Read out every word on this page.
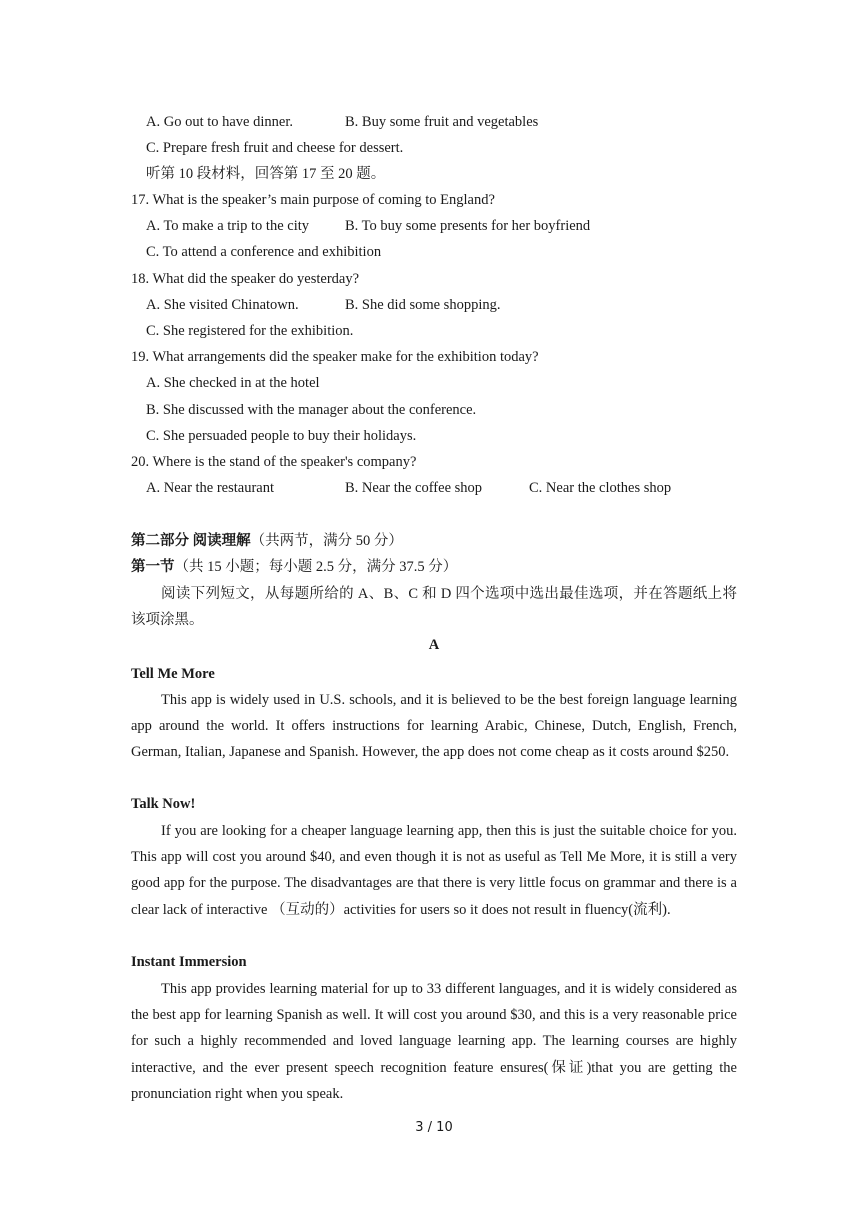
A. Go out to have dinner.	B. Buy some fruit and vegetables
C. Prepare fresh fruit and cheese for dessert.
听第 10 段材料，回答第 17 至 20 题。
17. What is the speaker’s main purpose of coming to England?
A. To make a trip to the city B. To buy some presents for her boyfriend
C. To attend a conference and exhibition
18. What did the speaker do yesterday?
A. She visited Chinatown.	B. She did some shopping.
C. She registered for the exhibition.
19. What arrangements did the speaker make for the exhibition today?
A. She checked in at the hotel
B. She discussed with the manager about the conference.
C. She persuaded people to buy their holidays.
20. Where is the stand of the speaker's company?
A. Near the restaurant	B. Near the coffee shop	C. Near the clothes shop
第二部分 阅读理解（共两节，满分 50 分）
第一节（共 15 小题；每小题 2.5 分，满分 37.5 分）

阅读下列短文，从每题所给的 A、B、C 和 D 四个选项中选出最佳选项，并在答题纸上将该项涂黑。

A
Tell Me More

This app is widely used in U.S. schools, and it is believed to be the best foreign language learning app around the world. It offers instructions for learning Arabic, Chinese, Dutch, English, French, German, Italian, Japanese and Spanish. However, the app does not come cheap as it costs around $250.

Talk Now!

If you are looking for a cheaper language learning app, then this is just the suitable choice for you. This app will cost you around $40, and even though it is not as useful as Tell Me More, it is still a very good app for the purpose. The disadvantages are that there is very little focus on grammar and there is a clear lack of interactive （互动的）activities for users so it does not result in fluency(流利).

Instant Immersion

This app provides learning material for up to 33 different languages, and it is widely considered as the best app for learning Spanish as well. It will cost you around $30, and this is a very reasonable price for such a highly recommended and loved language learning app. The learning courses are highly interactive, and the ever present speech recognition feature ensures(保证)that you are getting the pronunciation right when you speak.

3 / 10
